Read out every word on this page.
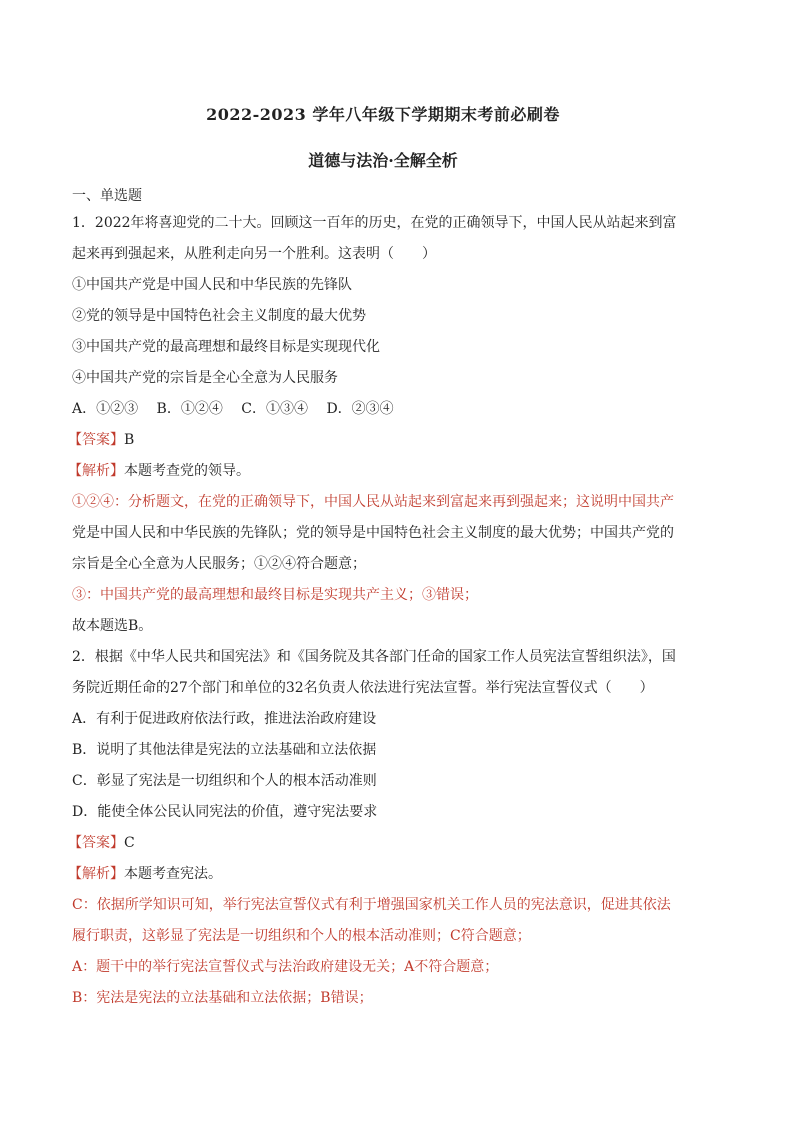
2022-2023 学年八年级下学期期末考前必刷卷
道德与法治·全解全析
一、单选题
1．2022年将喜迎党的二十大。回顾这一百年的历史，在党的正确领导下，中国人民从站起来到富
起来再到强起来，从胜利走向另一个胜利。这表明（　　）
①中国共产党是中国人民和中华民族的先锋队
②党的领导是中国特色社会主义制度的最大优势
③中国共产党的最高理想和最终目标是实现现代化
④中国共产党的宗旨是全心全意为人民服务
A．①②③　 B．①②④　 C．①③④　 D．②③④
【答案】B
【解析】本题考查党的领导。
①②④：分析题文，在党的正确领导下，中国人民从站起来到富起来再到强起来；这说明中国共产
党是中国人民和中华民族的先锋队；党的领导是中国特色社会主义制度的最大优势；中国共产党的
宗旨是全心全意为人民服务；①②④符合题意；
③：中国共产党的最高理想和最终目标是实现共产主义；③错误；
故本题选B。
2．根据《中华人民共和国宪法》和《国务院及其各部门任命的国家工作人员宪法宣誓组织法》，国
务院近期任命的27个部门和单位的32名负责人依法进行宪法宣誓。举行宪法宣誓仪式（　　）
A．有利于促进政府依法行政，推进法治政府建设
B．说明了其他法律是宪法的立法基础和立法依据
C．彰显了宪法是一切组织和个人的根本活动准则
D．能使全体公民认同宪法的价值，遵守宪法要求
【答案】C
【解析】本题考查宪法。
C：依据所学知识可知，举行宪法宣誓仪式有利于增强国家机关工作人员的宪法意识，促进其依法
履行职责，这彰显了宪法是一切组织和个人的根本活动准则；C符合题意；
A：题干中的举行宪法宣誓仪式与法治政府建设无关；A不符合题意；
B：宪法是宪法的立法基础和立法依据；B错误；
